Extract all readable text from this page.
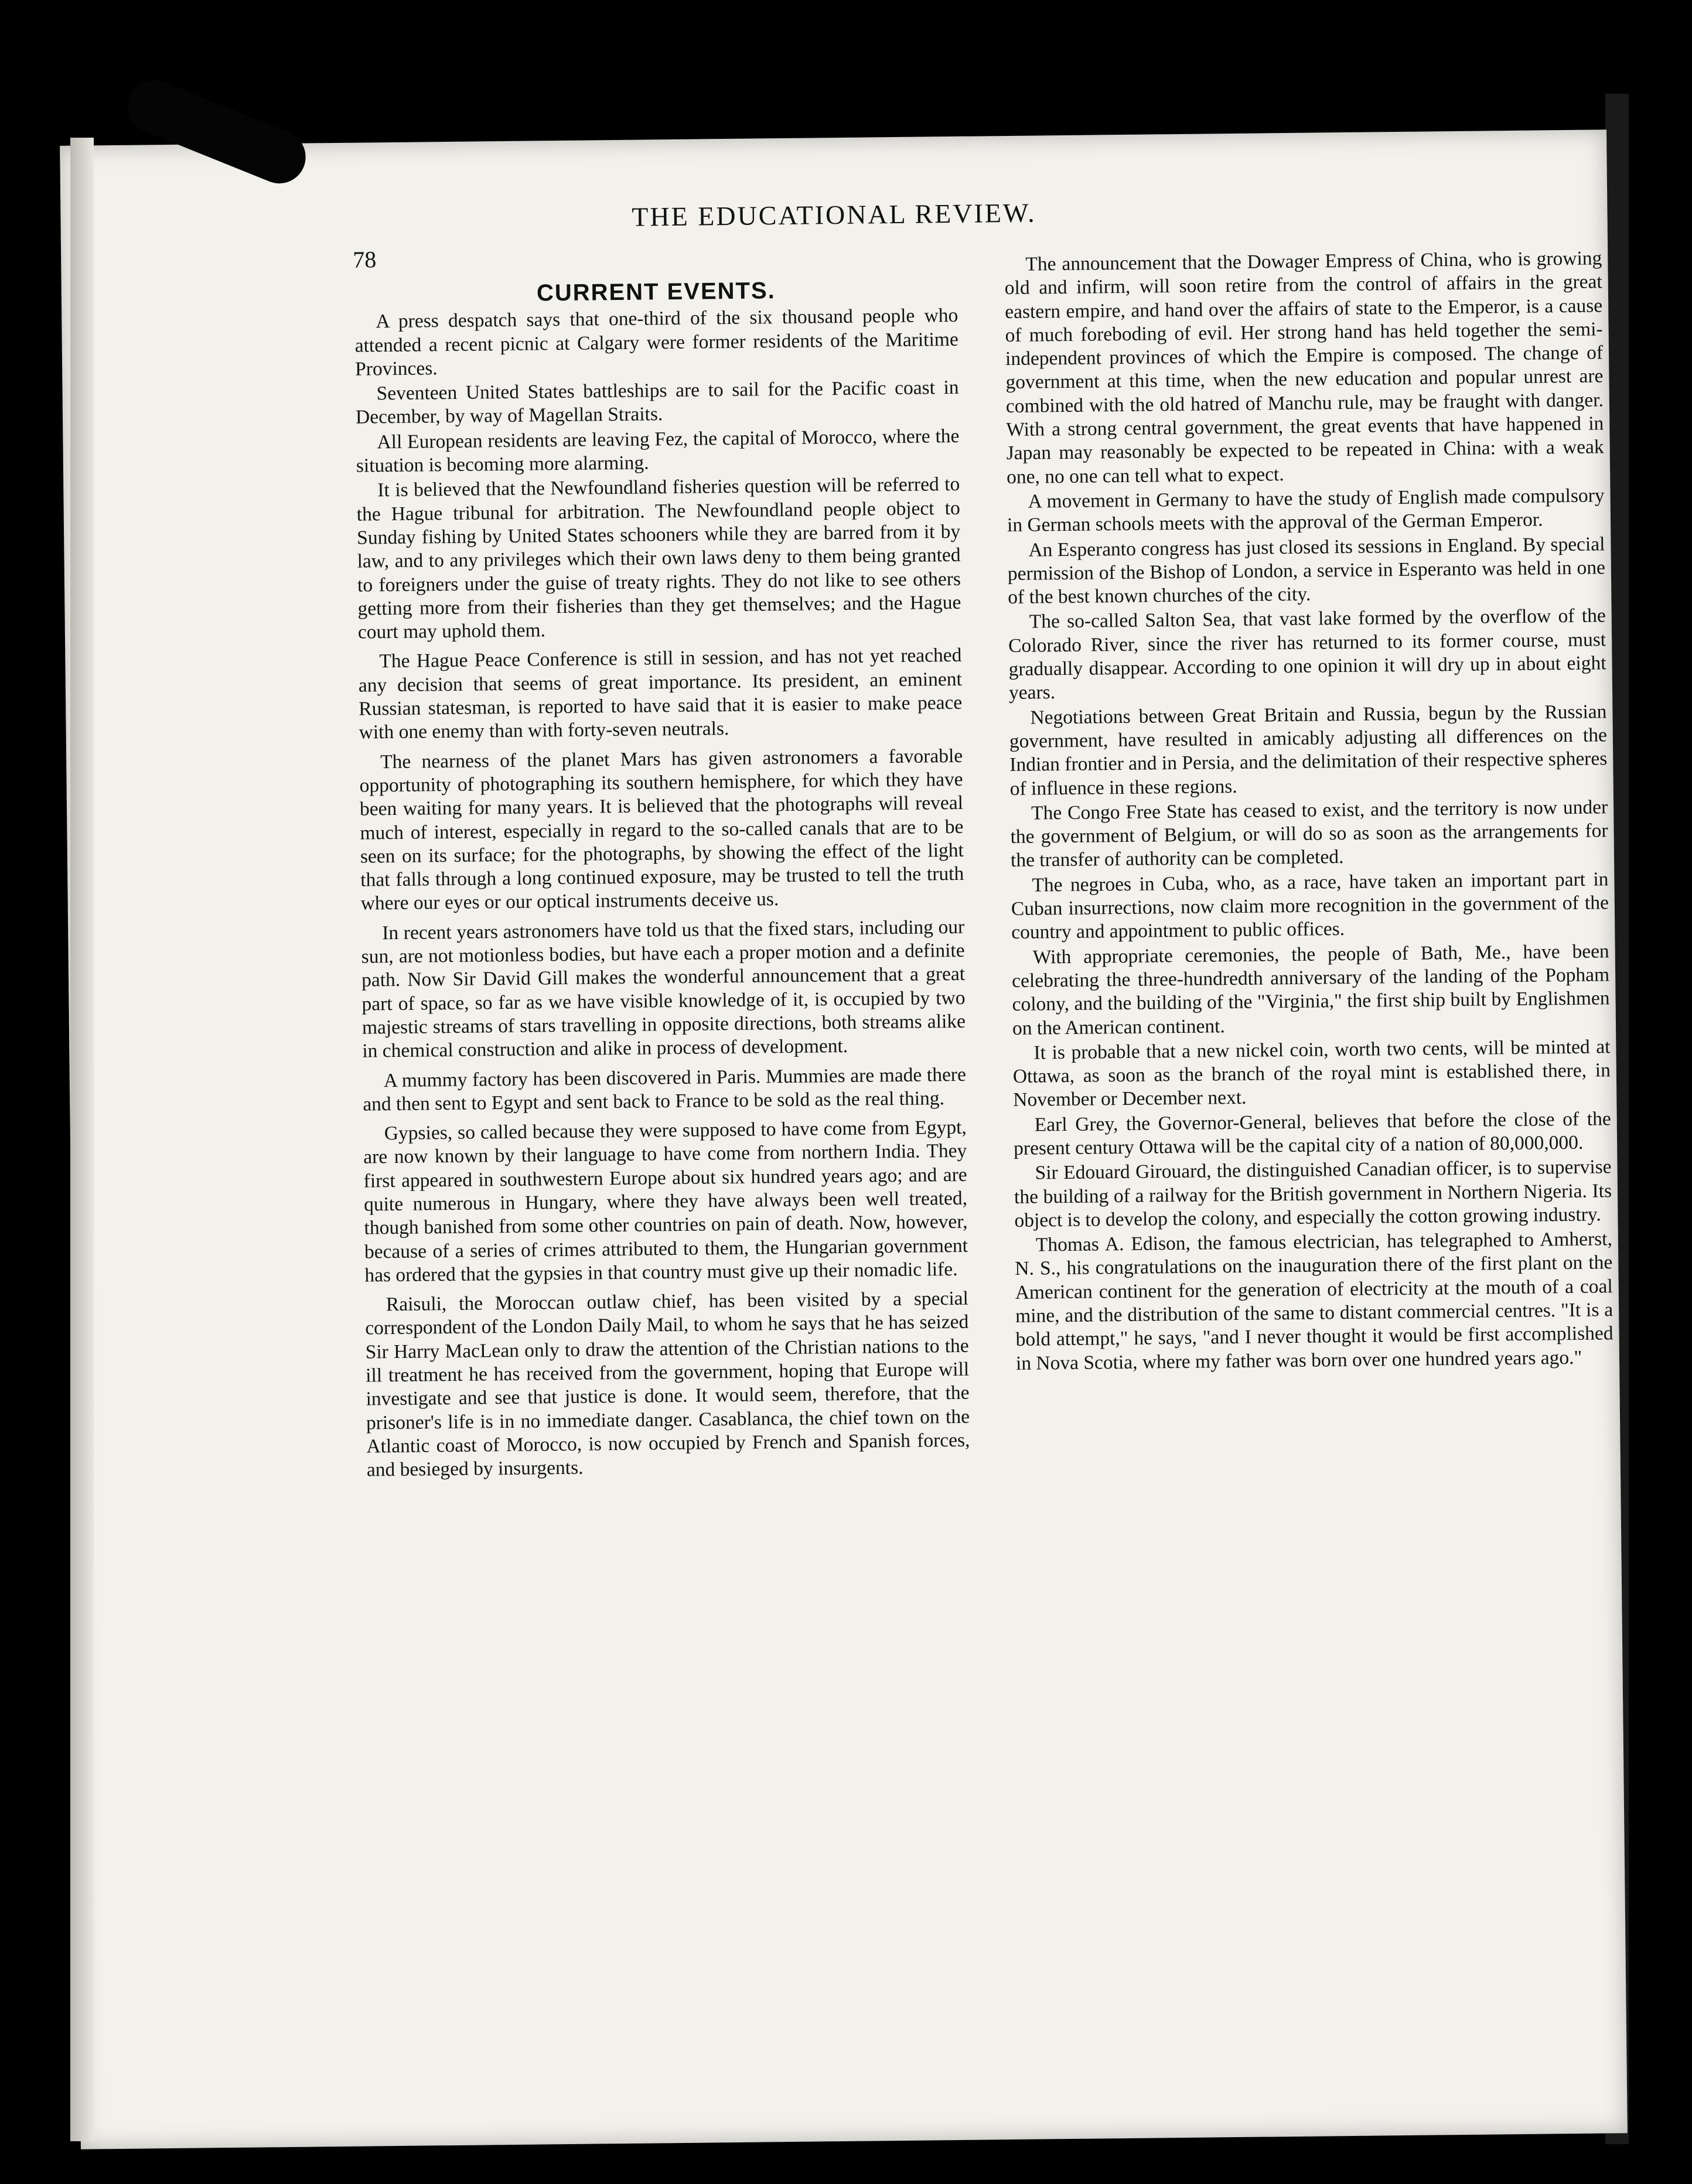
THE EDUCATIONAL REVIEW.
78
CURRENT EVENTS.

A press despatch says that one-third of the six thousand people who attended a recent picnic at Calgary were former residents of the Maritime Provinces.

Seventeen United States battleships are to sail for the Pacific coast in December, by way of Magellan Straits.

All European residents are leaving Fez, the capital of Morocco, where the situation is becoming more alarming.

It is believed that the Newfoundland fisheries question will be referred to the Hague tribunal for arbitration. The Newfoundland people object to Sunday fishing by United States schooners while they are barred from it by law, and to any privileges which their own laws deny to them being granted to foreigners under the guise of treaty rights. They do not like to see others getting more from their fisheries than they get themselves; and the Hague court may uphold them.

The Hague Peace Conference is still in session, and has not yet reached any decision that seems of great importance. Its president, an eminent Russian statesman, is reported to have said that it is easier to make peace with one enemy than with forty-seven neutrals.

The nearness of the planet Mars has given astronomers a favorable opportunity of photographing its southern hemisphere, for which they have been waiting for many years. It is believed that the photographs will reveal much of interest, especially in regard to the so-called canals that are to be seen on its surface; for the photographs, by showing the effect of the light that falls through a long continued exposure, may be trusted to tell the truth where our eyes or our optical instruments deceive us.

In recent years astronomers have told us that the fixed stars, including our sun, are not motionless bodies, but have each a proper motion and a definite path. Now Sir David Gill makes the wonderful announcement that a great part of space, so far as we have visible knowledge of it, is occupied by two majestic streams of stars travelling in opposite directions, both streams alike in chemical construction and alike in process of development.

A mummy factory has been discovered in Paris. Mummies are made there and then sent to Egypt and sent back to France to be sold as the real thing.

Gypsies, so called because they were supposed to have come from Egypt, are now known by their language to have come from northern India. They first appeared in southwestern Europe about six hundred years ago; and are quite numerous in Hungary, where they have always been well treated, though banished from some other countries on pain of death. Now, however, because of a series of crimes attributed to them, the Hungarian government has ordered that the gypsies in that country must give up their nomadic life.

Raisuli, the Moroccan outlaw chief, has been visited by a special correspondent of the London Daily Mail, to whom he says that he has seized Sir Harry MacLean only to draw the attention of the Christian nations to the ill treatment he has received from the government, hoping that Europe will investigate and see that justice is done. It would seem, therefore, that the prisoner's life is in no immediate danger. Casablanca, the chief town on the Atlantic coast of Morocco, is now occupied by French and Spanish forces, and besieged by insurgents.

The announcement that the Dowager Empress of China, who is growing old and infirm, will soon retire from the control of affairs in the great eastern empire, and hand over the affairs of state to the Emperor, is a cause of much foreboding of evil. Her strong hand has held together the semi-independent provinces of which the Empire is composed. The change of government at this time, when the new education and popular unrest are combined with the old hatred of Manchu rule, may be fraught with danger. With a strong central government, the great events that have happened in Japan may reasonably be expected to be repeated in China: with a weak one, no one can tell what to expect.

A movement in Germany to have the study of English made compulsory in German schools meets with the approval of the German Emperor.

An Esperanto congress has just closed its sessions in England. By special permission of the Bishop of London, a service in Esperanto was held in one of the best known churches of the city.

The so-called Salton Sea, that vast lake formed by the overflow of the Colorado River, since the river has returned to its former course, must gradually disappear. According to one opinion it will dry up in about eight years.

Negotiations between Great Britain and Russia, begun by the Russian government, have resulted in amicably adjusting all differences on the Indian frontier and in Persia, and the delimitation of their respective spheres of influence in these regions.

The Congo Free State has ceased to exist, and the territory is now under the government of Belgium, or will do so as soon as the arrangements for the transfer of authority can be completed.

The negroes in Cuba, who, as a race, have taken an important part in Cuban insurrections, now claim more recognition in the government of the country and appointment to public offices.

With appropriate ceremonies, the people of Bath, Me., have been celebrating the three-hundredth anniversary of the landing of the Popham colony, and the building of the "Virginia," the first ship built by Englishmen on the American continent.

It is probable that a new nickel coin, worth two cents, will be minted at Ottawa, as soon as the branch of the royal mint is established there, in November or December next.

Earl Grey, the Governor-General, believes that before the close of the present century Ottawa will be the capital city of a nation of 80,000,000.

Sir Edouard Girouard, the distinguished Canadian officer, is to supervise the building of a railway for the British government in Northern Nigeria. Its object is to develop the colony, and especially the cotton growing industry.

Thomas A. Edison, the famous electrician, has telegraphed to Amherst, N. S., his congratulations on the inauguration there of the first plant on the American continent for the generation of electricity at the mouth of a coal mine, and the distribution of the same to distant commercial centres. "It is a bold attempt," he says, "and I never thought it would be first accomplished in Nova Scotia, where my father was born over one hundred years ago."
